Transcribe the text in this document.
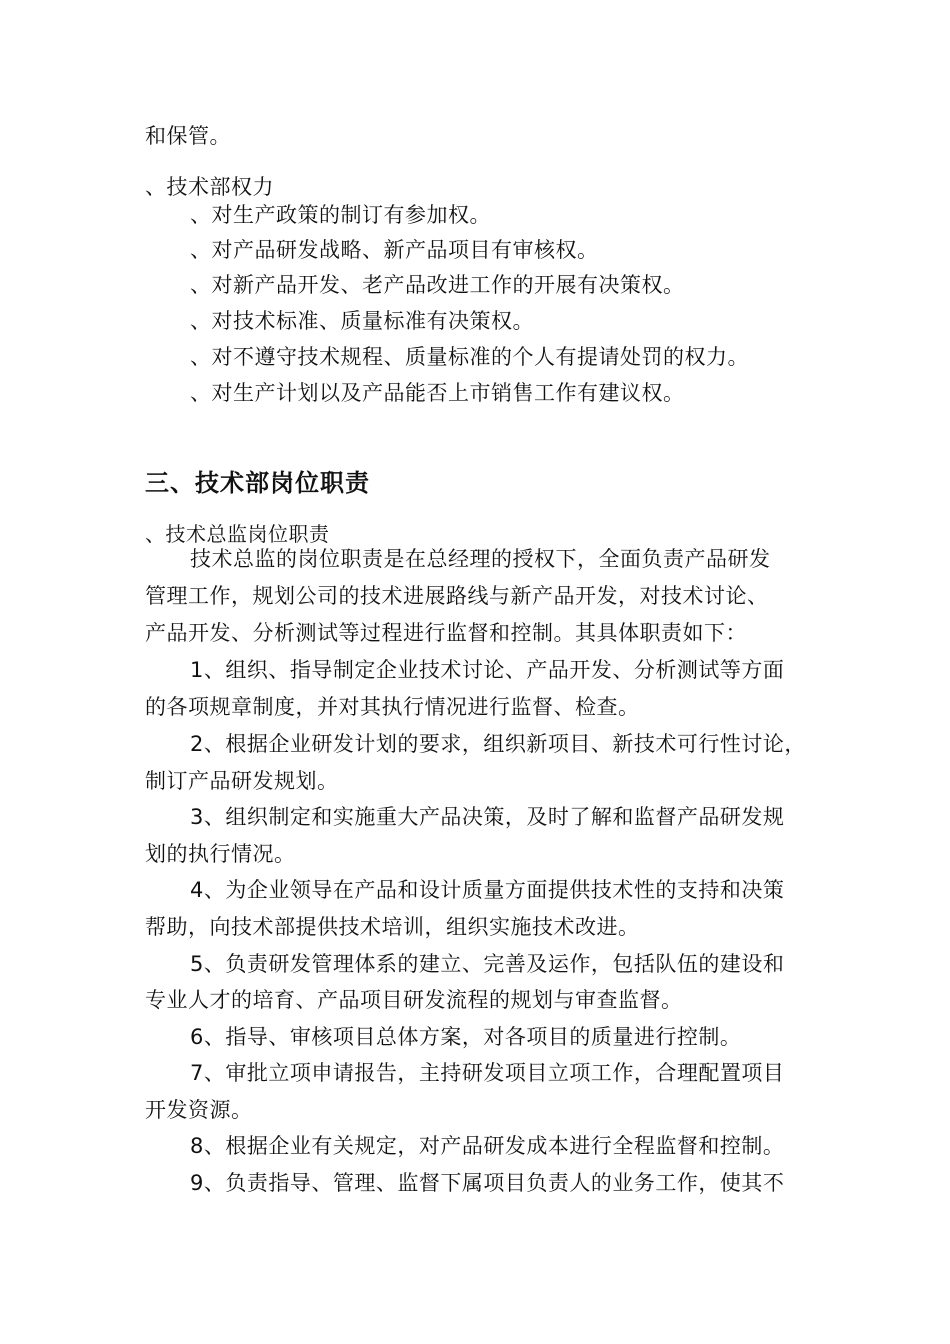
和保管。
、技术部权力
、对生产政策的制订有参加权。
、对产品研发战略、新产品项目有审核权。
、对新产品开发、老产品改进工作的开展有决策权。
、对技术标准、质量标准有决策权。
、对不遵守技术规程、质量标准的个人有提请处罚的权力。
、对生产计划以及产品能否上市销售工作有建议权。
三、技术部岗位职责
、技术总监岗位职责
技术总监的岗位职责是在总经理的授权下，全面负责产品研发
管理工作，规划公司的技术进展路线与新产品开发，对技术讨论、
产品开发、分析测试等过程进行监督和控制。其具体职责如下：
1、组织、指导制定企业技术讨论、产品开发、分析测试等方面
的各项规章制度，并对其执行情况进行监督、检查。
2、根据企业研发计划的要求，组织新项目、新技术可行性讨论，
制订产品研发规划。
3、组织制定和实施重大产品决策，及时了解和监督产品研发规
划的执行情况。
4、为企业领导在产品和设计质量方面提供技术性的支持和决策
帮助，向技术部提供技术培训，组织实施技术改进。
5、负责研发管理体系的建立、完善及运作，包括队伍的建设和
专业人才的培育、产品项目研发流程的规划与审查监督。
6、指导、审核项目总体方案，对各项目的质量进行控制。
7、审批立项申请报告，主持研发项目立项工作，合理配置项目
开发资源。
8、根据企业有关规定，对产品研发成本进行全程监督和控制。
9、负责指导、管理、监督下属项目负责人的业务工作，使其不
